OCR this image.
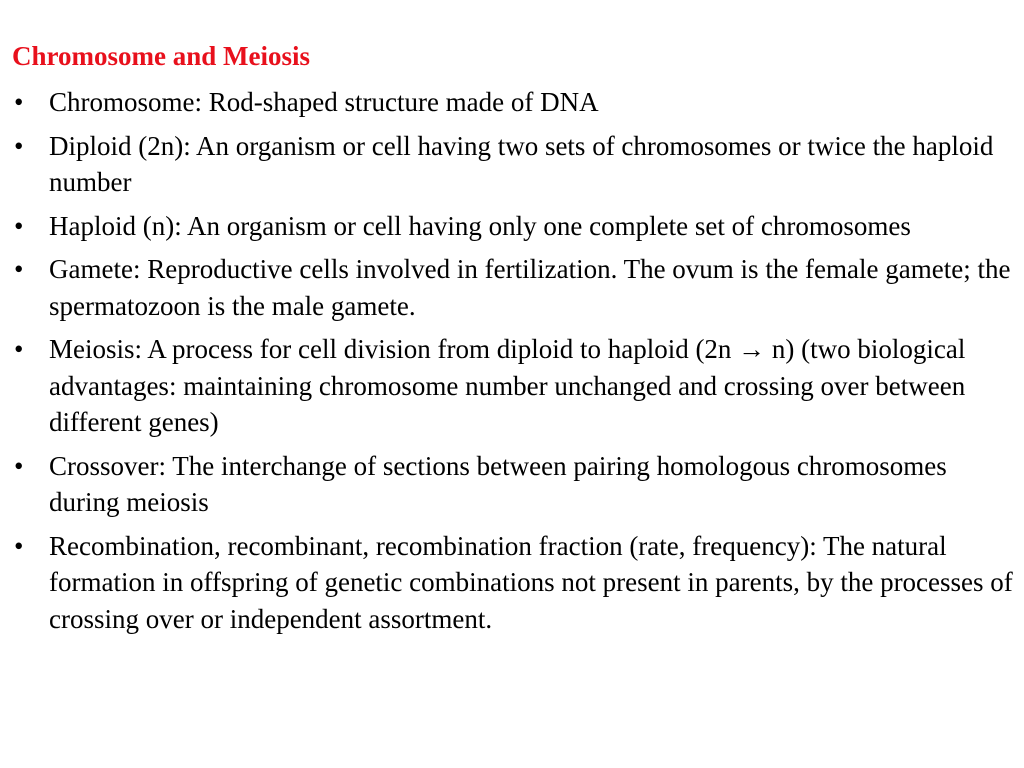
Chromosome and Meiosis
• Chromosome: Rod-shaped structure made of DNA
• Diploid (2n): An organism or cell having two sets of chromosomes or twice the haploid number
• Haploid (n): An organism or cell having only one complete set of chromosomes
• Gamete: Reproductive cells involved in fertilization. The ovum is the female gamete; the spermatozoon is the male gamete.
• Meiosis: A process for cell division from diploid to haploid (2n → n) (two biological advantages: maintaining chromosome number unchanged and crossing over between different genes)
• Crossover: The interchange of sections between pairing homologous chromosomes during meiosis
• Recombination, recombinant, recombination fraction (rate, frequency): The natural formation in offspring of genetic combinations not present in parents, by the processes of crossing over or independent assortment.
